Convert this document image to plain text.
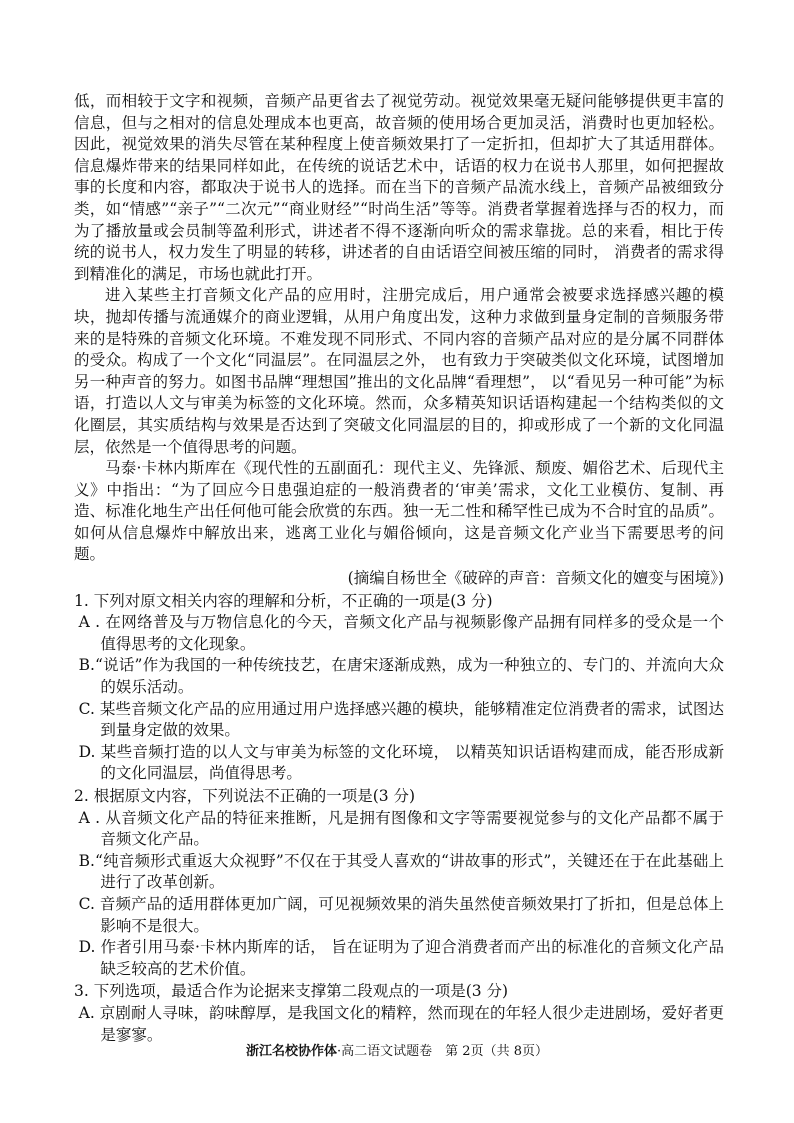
低，而相较于文字和视频，音频产品更省去了视觉劳动。视觉效果毫无疑问能够提供更丰富的信息，但与之相对的信息处理成本也更高，故音频的使用场合更加灵活，消费时也更加轻松。 因此，视觉效果的消失尽管在某种程度上使音频效果打了一定折扣，但却扩大了其适用群体。信息爆炸带来的结果同样如此，在传统的说话艺术中，话语的权力在说书人那里，如何把握故事的长度和内容，都取决于说书人的选择。而在当下的音频产品流水线上，音频产品被细致分类，如“情感”“亲子”“二次元”“商业财经”“时尚生活”等等。消费者掌握着选择与否的权力，而为了播放量或会员制等盈利形式，讲述者不得不逐渐向听众的需求靠拢。总的来看，相比于传统的说书人，权力发生了明显的转移，讲述者的自由话语空间被压缩的同时， 消费者的需求得到精准化的满足，市场也就此打开。

进入某些主打音频文化产品的应用时，注册完成后，用户通常会被要求选择感兴趣的模块，抛却传播与流通媒介的商业逻辑，从用户角度出发，这种力求做到量身定制的音频服务带来的是特殊的音频文化环境。不难发现不同形式、不同内容的音频产品对应的是分属不同群体的受众。构成了一个文化“同温层”。在同温层之外， 也有致力于突破类似文化环境，试图增加另一种声音的努力。如图书品牌“理想国”推出的文化品牌“看理想”， 以“看见另一种可能”为标语，打造以人文与审美为标签的文化环境。然而，众多精英知识话语构建起一个结构类似的文化圈层，其实质结构与效果是否达到了突破文化同温层的目的，抑或形成了一个新的文化同温层，依然是一个值得思考的问题。

马泰·卡林内斯库在《现代性的五副面孔：现代主义、先锋派、颓废、媚俗艺术、后现代主义》中指出：“为了回应今日患强迫症的一般消费者的‘审美’需求，文化工业模仿、复制、再造、标准化地生产出任何他可能会欣赏的东西。独一无二性和稀罕性已成为不合时宜的品质”。如何从信息爆炸中解放出来，逃离工业化与媚俗倾向，这是音频文化产业当下需要思考的问题。

(摘编自杨世全《破碎的声音：音频文化的嬗变与困境》)

1. 下列对原文相关内容的理解和分析，不正确的一项是(3 分)

A . 在网络普及与万物信息化的今天，音频文化产品与视频影像产品拥有同样多的受众是一个值得思考的文化现象。

B.“说话”作为我国的一种传统技艺，在唐宋逐渐成熟，成为一种独立的、专门的、并流向大众的娱乐活动。

C. 某些音频文化产品的应用通过用户选择感兴趣的模块，能够精准定位消费者的需求，试图达到量身定做的效果。

D. 某些音频打造的以人文与审美为标签的文化环境， 以精英知识话语构建而成，能否形成新的文化同温层，尚值得思考。

2. 根据原文内容，下列说法不正确的一项是(3 分)

A . 从音频文化产品的特征来推断，凡是拥有图像和文字等需要视觉参与的文化产品都不属于音频文化产品。

B.“纯音频形式重返大众视野”不仅在于其受人喜欢的“讲故事的形式”，关键还在于在此基础上进行了改革创新。

C. 音频产品的适用群体更加广阔，可见视频效果的消失虽然使音频效果打了折扣，但是总体上影响不是很大。

D. 作者引用马泰·卡林内斯库的话， 旨在证明为了迎合消费者而产出的标准化的音频文化产品缺乏较高的艺术价值。

3. 下列选项，最适合作为论据来支撑第二段观点的一项是(3 分)

A. 京剧耐人寻味，韵味醇厚，是我国文化的精粹，然而现在的年轻人很少走进剧场，爱好者更是寥寥。

浙江名校协作体·高二语文试题卷　第 2页（共 8页）
